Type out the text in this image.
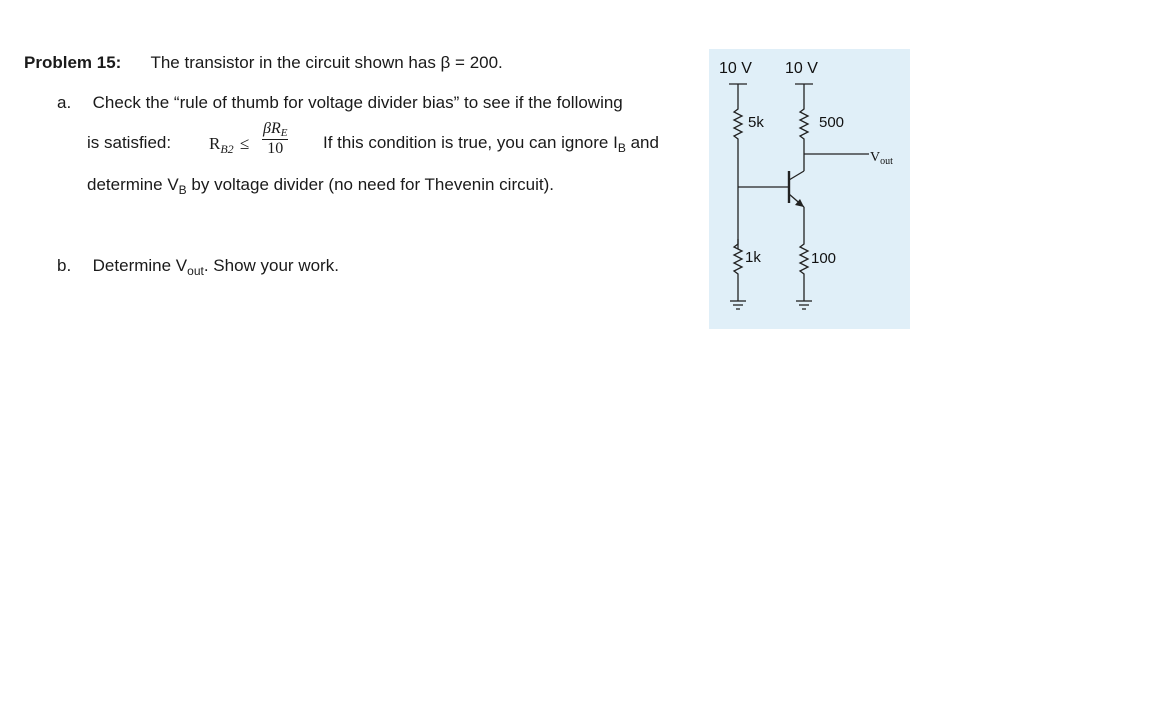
Problem 15: The transistor in the circuit shown has β = 200.
a. Check the “rule of thumb for voltage divider bias” to see if the following
is satisfied: $R_{B2}$ ≤
βRE
10	If this condition is true, you can ignore $I_B$ and
determine $V_B$ by voltage divider (no need for Thevenin circuit).
b. Determine $V_{out}$. Show your work.
10 V 10 V
5k
1k
500
100
$V_{out}$
